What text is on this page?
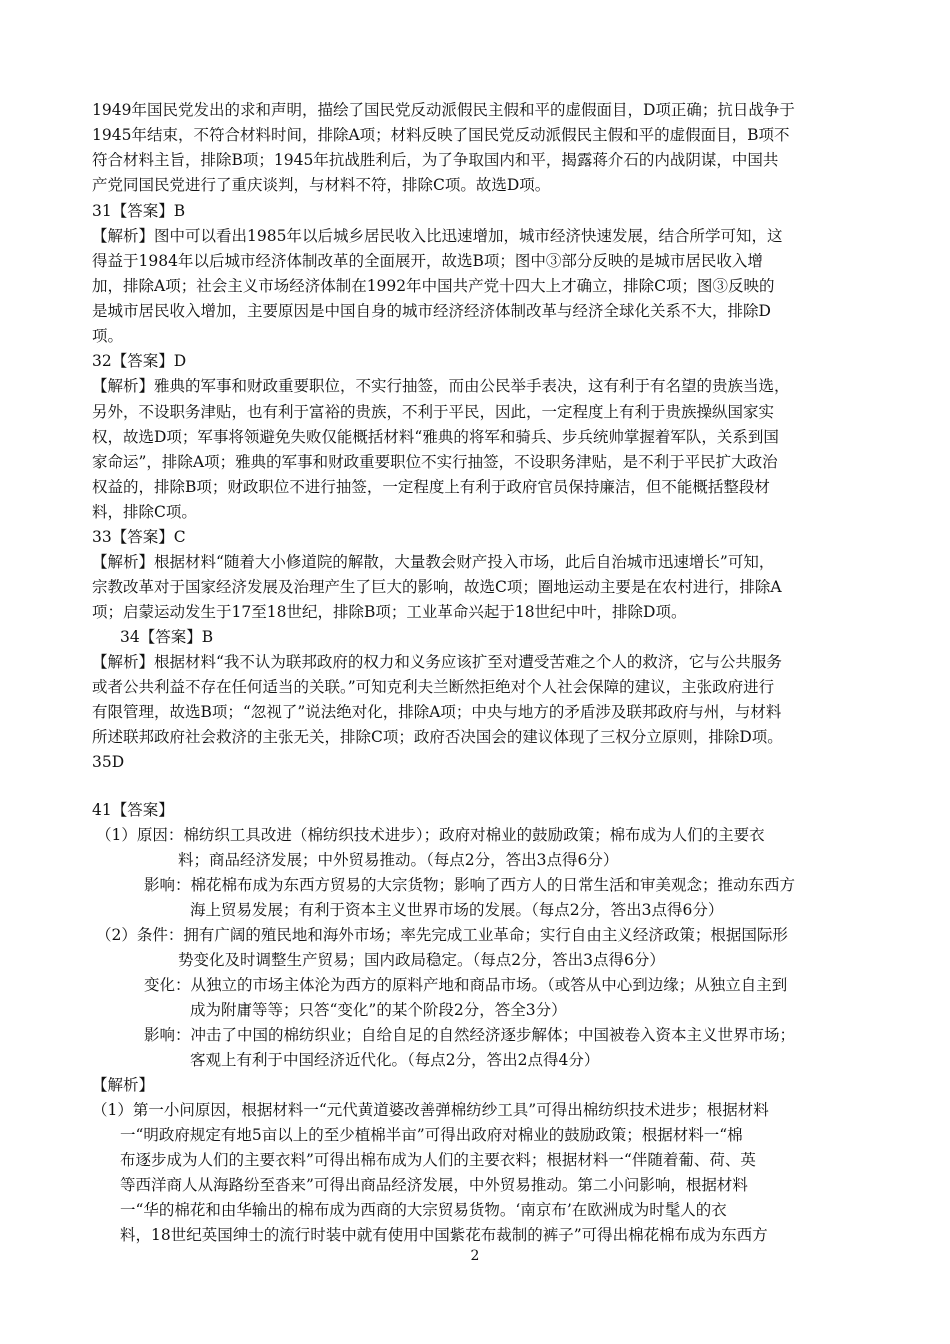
1949年国民党发出的求和声明，描绘了国民党反动派假民主假和平的虚假面目，D项正确；抗日战争于
1945年结束，不符合材料时间，排除A项；材料反映了国民党反动派假民主假和平的虚假面目，B项不
符合材料主旨，排除B项；1945年抗战胜利后，为了争取国内和平，揭露蒋介石的内战阴谋，中国共
产党同国民党进行了重庆谈判，与材料不符，排除C项。故选D项。
31【答案】B
【解析】图中可以看出1985年以后城乡居民收入比迅速增加，城市经济快速发展，结合所学可知，这
得益于1984年以后城市经济体制改革的全面展开，故选B项；图中③部分反映的是城市居民收入增
加，排除A项；社会主义市场经济体制在1992年中国共产党十四大上才确立，排除C项；图③反映的
是城市居民收入增加，主要原因是中国自身的城市经济经济体制改革与经济全球化关系不大，排除D
项。
32【答案】D
【解析】雅典的军事和财政重要职位，不实行抽签，而由公民举手表决，这有利于有名望的贵族当选，
另外，不设职务津贴，也有利于富裕的贵族，不利于平民，因此，一定程度上有利于贵族操纵国家实
权，故选D项；军事将领避免失败仅能概括材料“雅典的将军和骑兵、步兵统帅掌握着军队，关系到国
家命运”，排除A项；雅典的军事和财政重要职位不实行抽签，不设职务津贴，是不利于平民扩大政治
权益的，排除B项；财政职位不进行抽签，一定程度上有利于政府官员保持廉洁，但不能概括整段材
料，排除C项。
33【答案】C
【解析】根据材料“随着大小修道院的解散，大量教会财产投入市场，此后自治城市迅速增长”可知，
宗教改革对于国家经济发展及治理产生了巨大的影响，故选C项；圈地运动主要是在农村进行，排除A
项；启蒙运动发生于17至18世纪，排除B项；工业革命兴起于18世纪中叶，排除D项。
34【答案】B
【解析】根据材料“我不认为联邦政府的权力和义务应该扩至对遭受苦难之个人的救济，它与公共服务
或者公共利益不存在任何适当的关联。”可知克利夫兰断然拒绝对个人社会保障的建议，主张政府进行
有限管理，故选B项；“忽视了”说法绝对化，排除A项；中央与地方的矛盾涉及联邦政府与州，与材料
所述联邦政府社会救济的主张无关，排除C项；政府否决国会的建议体现了三权分立原则，排除D项。
35D
41【答案】
（1）原因：棉纺织工具改进（棉纺织技术进步）；政府对棉业的鼓励政策；棉布成为人们的主要衣
料；商品经济发展；中外贸易推动。（每点2分，答出3点得6分）
影响：棉花棉布成为东西方贸易的大宗货物；影响了西方人的日常生活和审美观念；推动东西方
海上贸易发展；有利于资本主义世界市场的发展。（每点2分，答出3点得6分）
（2）条件：拥有广阔的殖民地和海外市场；率先完成工业革命；实行自由主义经济政策；根据国际形
势变化及时调整生产贸易；国内政局稳定。（每点2分，答出3点得6分）
变化：从独立的市场主体沦为西方的原料产地和商品市场。（或答从中心到边缘；从独立自主到
成为附庸等等；只答“变化”的某个阶段2分，答全3分）
影响：冲击了中国的棉纺织业；自给自足的自然经济逐步解体；中国被卷入资本主义世界市场；
客观上有利于中国经济近代化。（每点2分，答出2点得4分）
【解析】
（1）第一小问原因，根据材料一“元代黄道婆改善弹棉纺纱工具”可得出棉纺织技术进步；根据材料
一“明政府规定有地5亩以上的至少植棉半亩”可得出政府对棉业的鼓励政策；根据材料一“棉
布逐步成为人们的主要衣料”可得出棉布成为人们的主要衣料；根据材料一“伴随着葡、荷、英
等西洋商人从海路纷至沓来”可得出商品经济发展，中外贸易推动。第二小问影响，根据材料
一“华的棉花和由华输出的棉布成为西商的大宗贸易货物。‘南京布’在欧洲成为时髦人的衣
料，18世纪英国绅士的流行时装中就有使用中国紫花布裁制的裤子”可得出棉花棉布成为东西方
2
